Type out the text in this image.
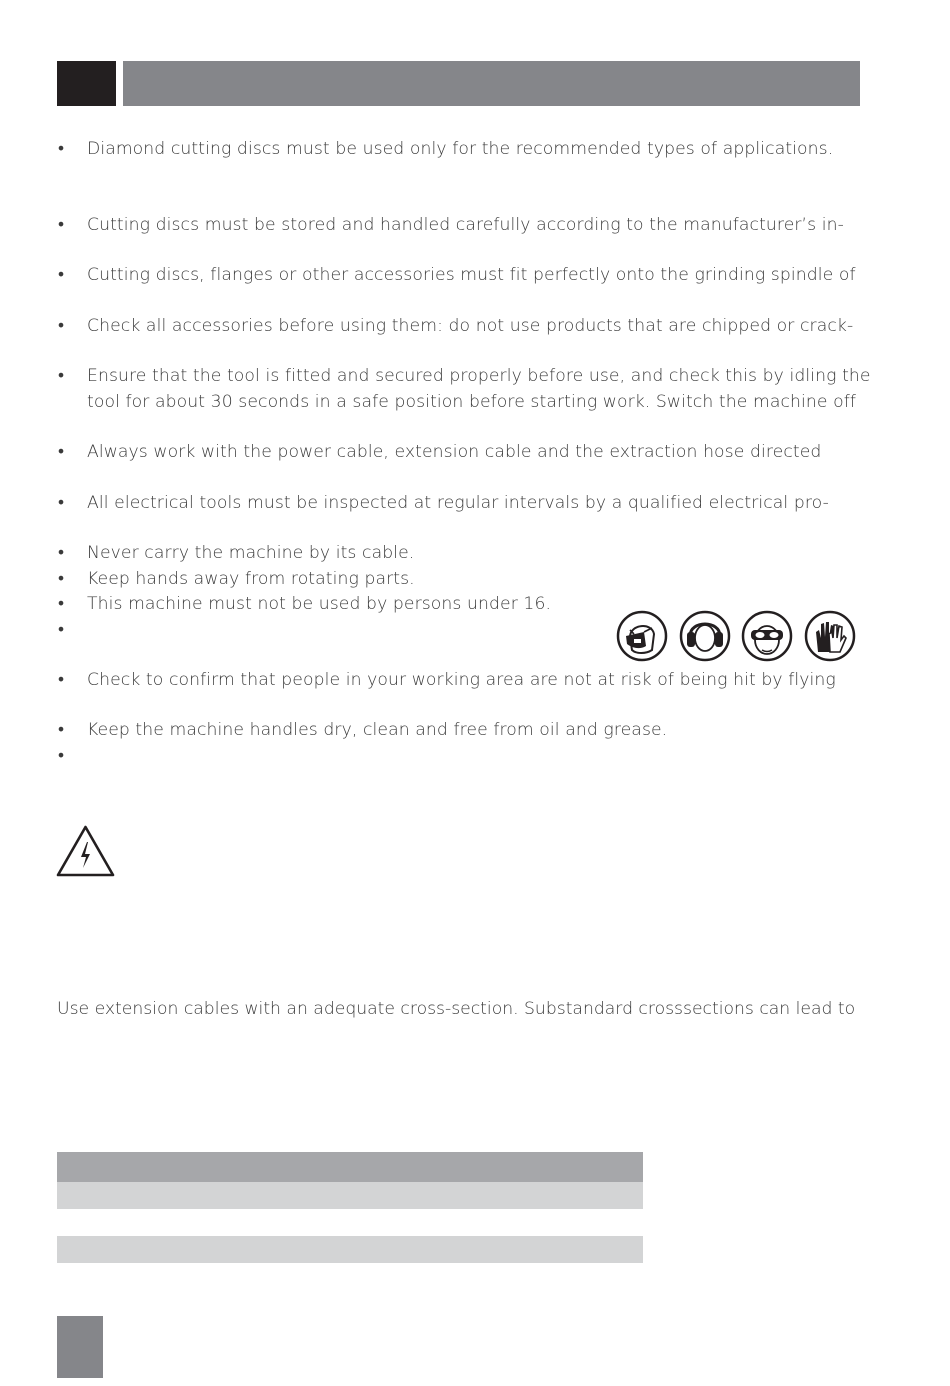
•	Diamond cutting discs must be used only for the recommended types of applications.
•	Cutting discs must be stored and handled carefully according to the manufacturer’s in-
•	Cutting discs, flanges or other accessories must fit perfectly onto the grinding spindle of
•	Check all accessories before using them: do not use products that are chipped or crack-
•	Ensure that the tool is fitted and secured properly before use, and check this by idling the
tool for about 30 seconds in a safe position before starting work. Switch the machine off
•	Always work with the power cable, extension cable and the extraction hose directed
•	All electrical tools must be inspected at regular intervals by a qualified electrical pro-
•	Never carry the machine by its cable.
•	Keep hands away from rotating parts.
•	This machine must not be used by persons under 16.
•
•	Check to confirm that people in your working area are not at risk of being hit by flying
•	Keep the machine handles dry, clean and free from oil and grease.
•
Use extension cables with an adequate cross-section. Substandard crosssections can lead to
